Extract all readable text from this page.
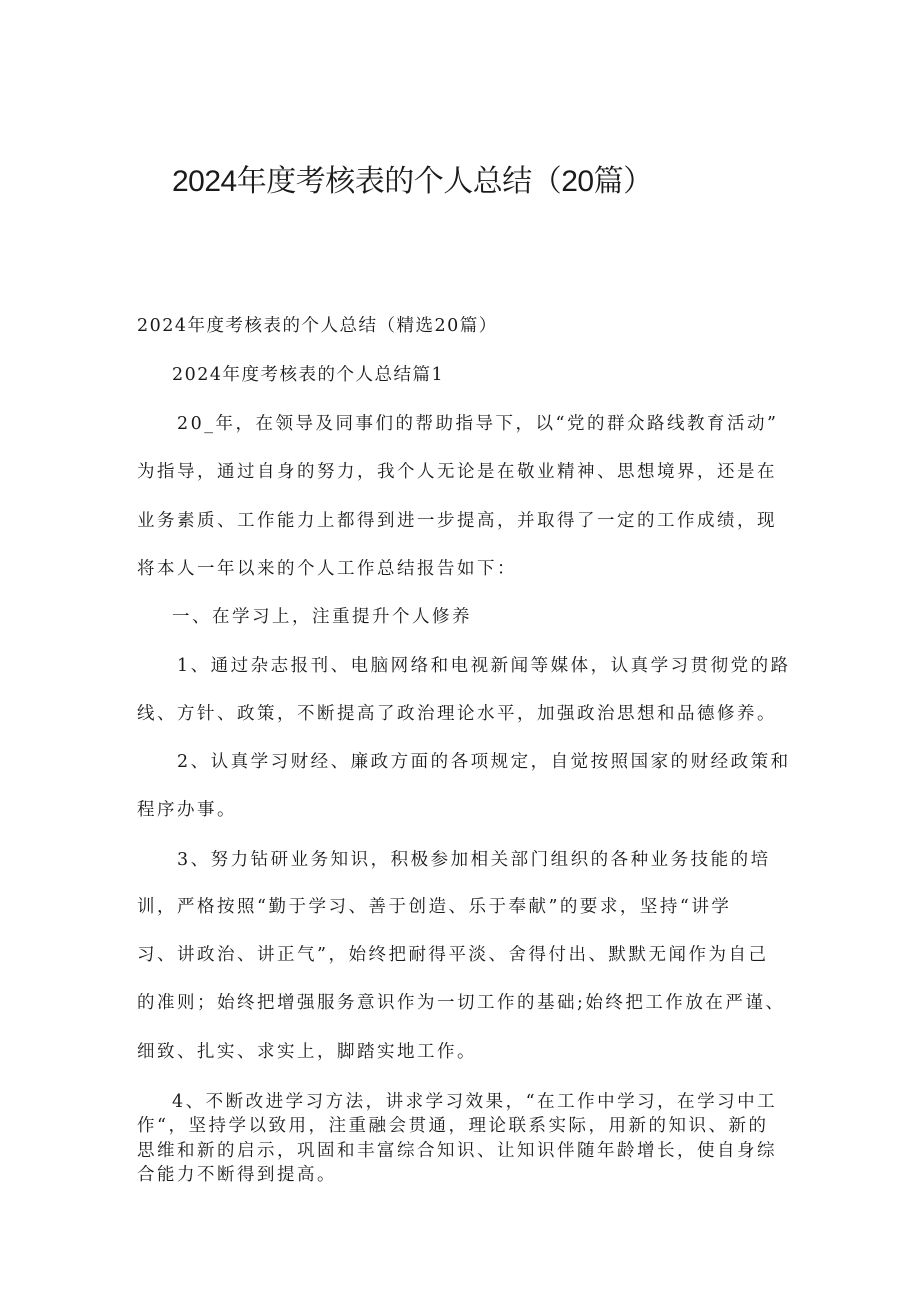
2024年度考核表的个人总结（20篇）
2024年度考核表的个人总结（精选20篇）
2024年度考核表的个人总结篇1
20_年，在领导及同事们的帮助指导下，以“党的群众路线教育活动”
为指导，通过自身的努力，我个人无论是在敬业精神、思想境界，还是在
业务素质、工作能力上都得到进一步提高，并取得了一定的工作成绩，现
将本人一年以来的个人工作总结报告如下：
一、在学习上，注重提升个人修养
1、通过杂志报刊、电脑网络和电视新闻等媒体，认真学习贯彻党的路
线、方针、政策，不断提高了政治理论水平，加强政治思想和品德修养。
2、认真学习财经、廉政方面的各项规定，自觉按照国家的财经政策和
程序办事。
3、努力钻研业务知识，积极参加相关部门组织的各种业务技能的培
训，严格按照“勤于学习、善于创造、乐于奉献”的要求，坚持“讲学
习、讲政治、讲正气”，始终把耐得平淡、舍得付出、默默无闻作为自己
的准则；始终把增强服务意识作为一切工作的基础;始终把工作放在严谨、
细致、扎实、求实上，脚踏实地工作。
4、不断改进学习方法，讲求学习效果，“在工作中学习，在学习中工
作“，坚持学以致用，注重融会贯通，理论联系实际，用新的知识、新的
思维和新的启示，巩固和丰富综合知识、让知识伴随年龄增长，使自身综
合能力不断得到提高。
